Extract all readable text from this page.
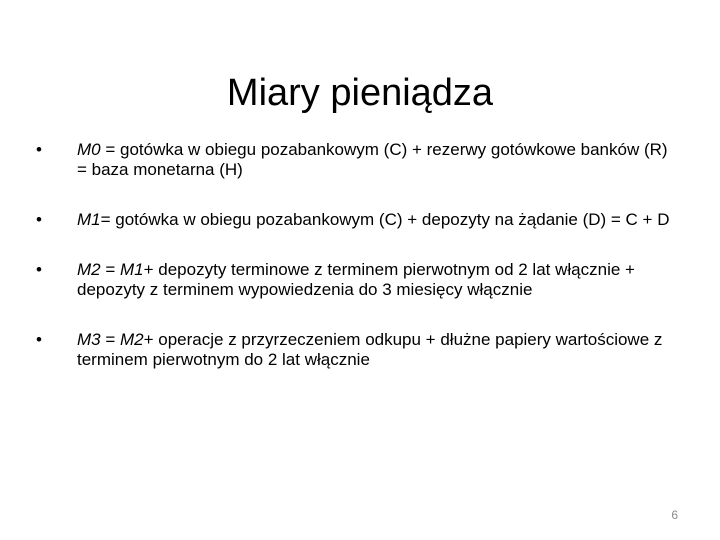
Miary pieniądza
• M0 = gotówka w obiegu pozabankowym (C) + rezerwy gotówkowe banków (R) = baza monetarna (H)
• M1= gotówka w obiegu pozabankowym (C) + depozyty na żądanie (D) = C + D
• M2 = M1+ depozyty terminowe z terminem pierwotnym od 2 lat włącznie + depozyty z terminem wypowiedzenia do 3 miesięcy włącznie
• M3 = M2+ operacje z przyrzeczeniem odkupu + dłużne papiery wartościowe z terminem pierwotnym do 2 lat włącznie
6
